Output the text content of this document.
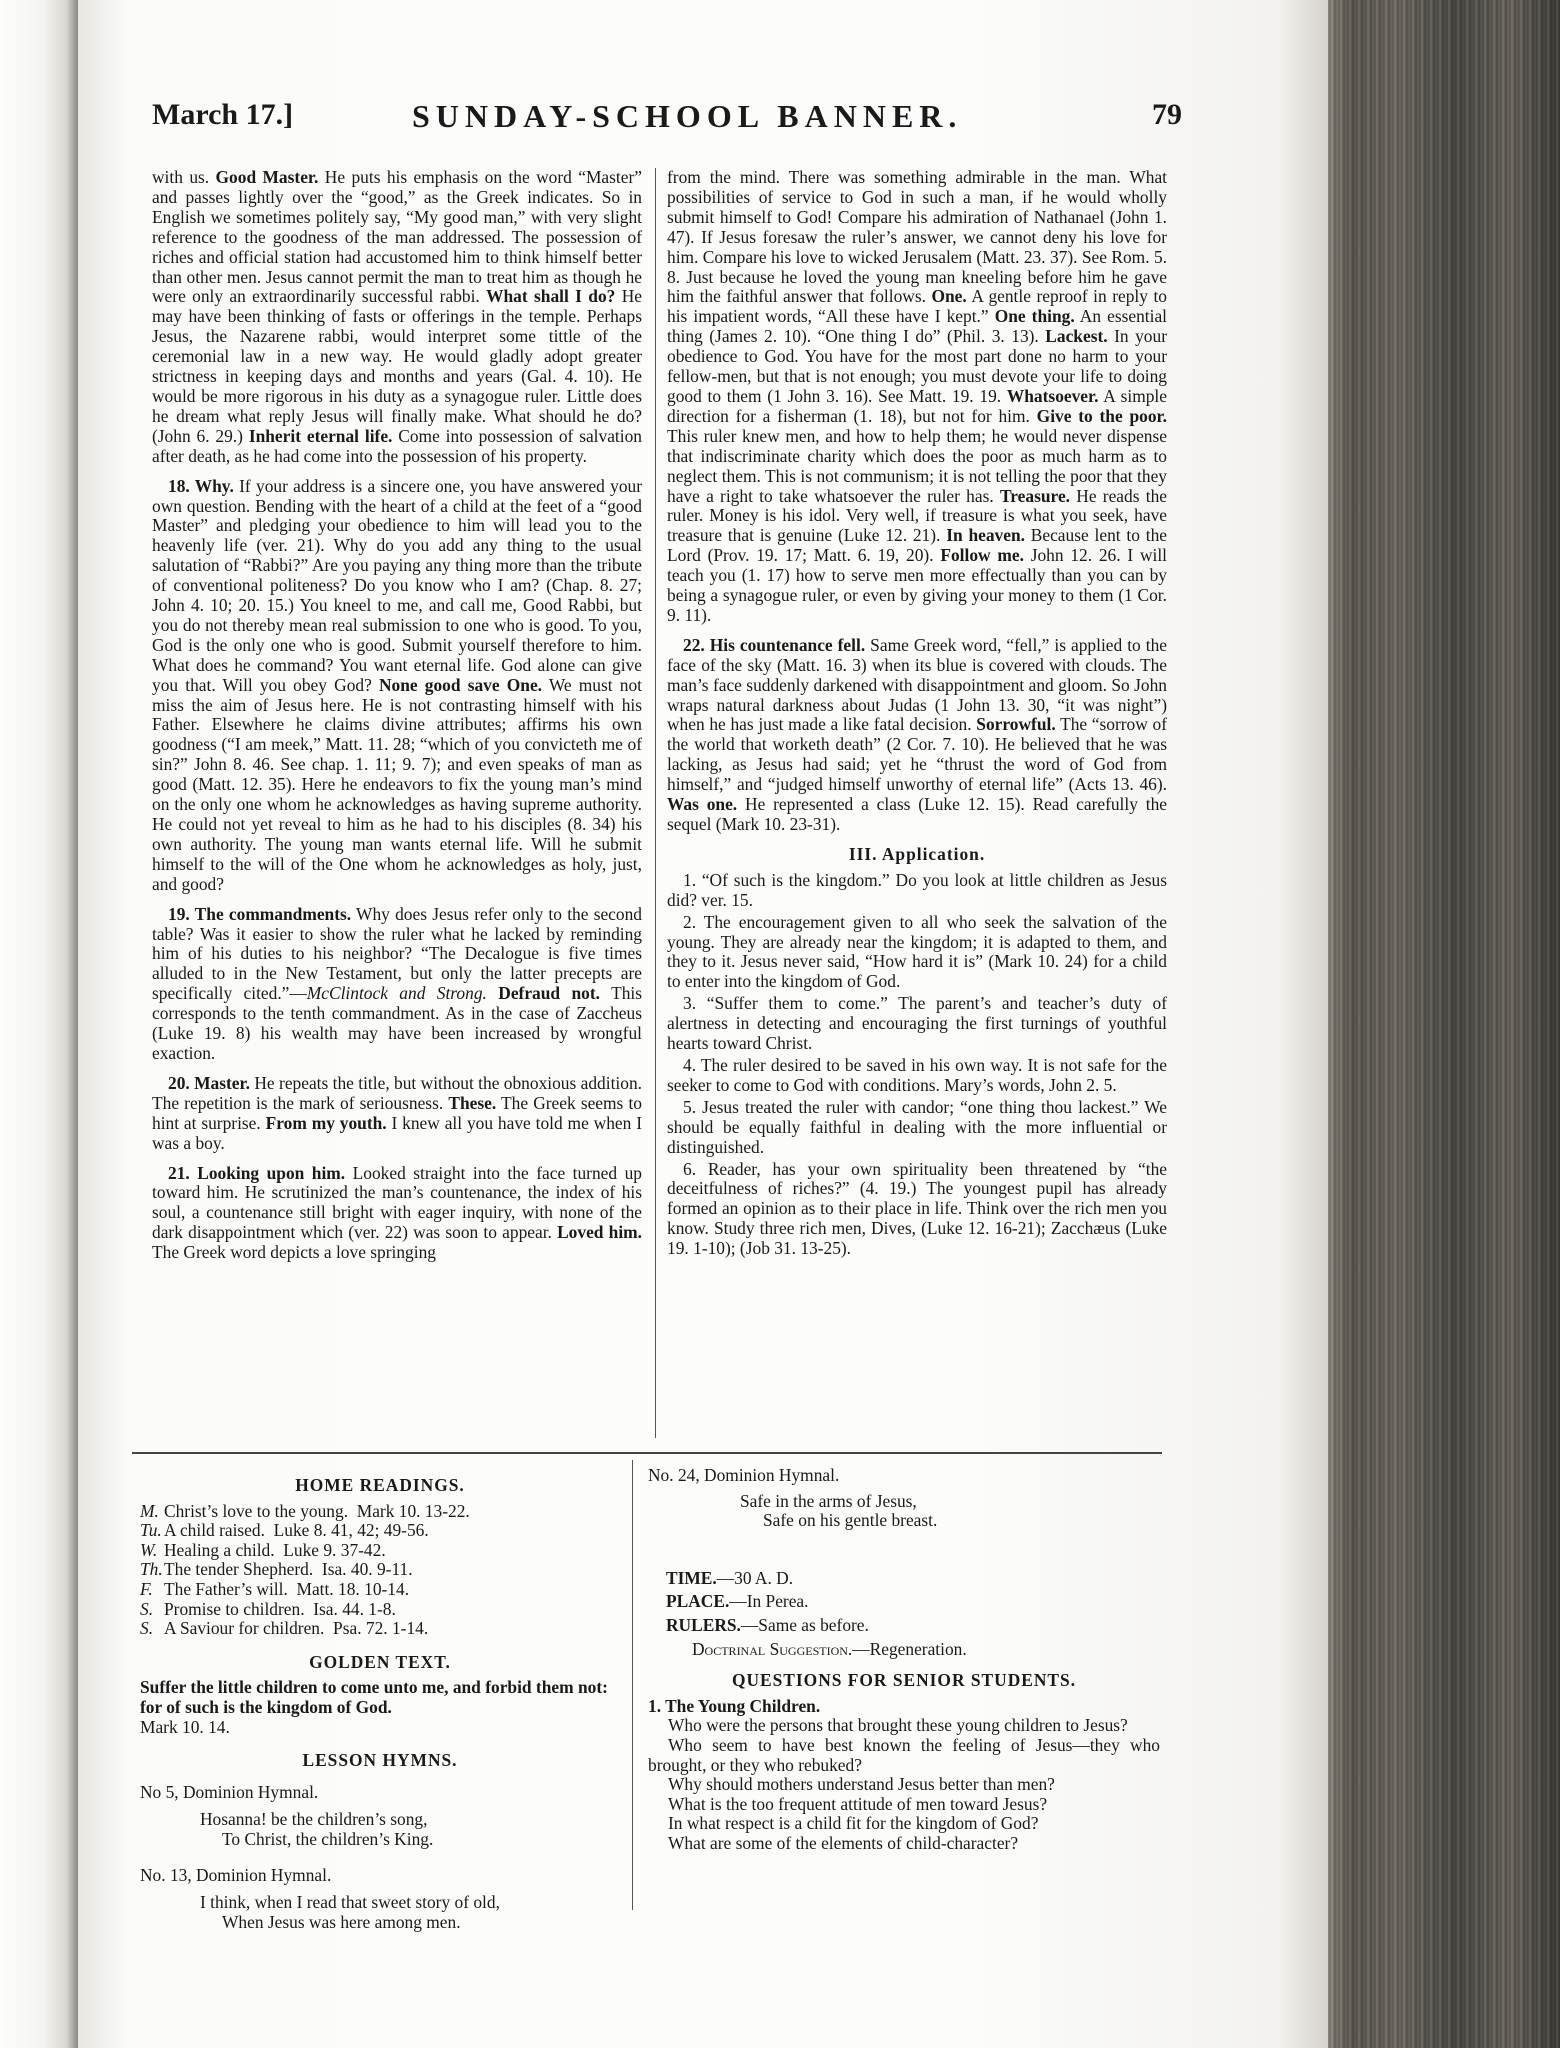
March 17.]	SUNDAY-SCHOOL BANNER.	79

with us. Good Master. He puts his emphasis on the word “Master” and passes lightly over the “good,” as the Greek indicates. So in English we sometimes politely say, “My good man,” with very slight reference to the goodness of the man addressed. The possession of riches and official station had accustomed him to think himself better than other men. Jesus cannot permit the man to treat him as though he were only an extraordinarily successful rabbi. What shall I do? He may have been thinking of fasts or offerings in the temple. Perhaps Jesus, the Nazarene rabbi, would interpret some tittle of the ceremonial law in a new way. He would gladly adopt greater strictness in keeping days and months and years (Gal. 4. 10). He would be more rigorous in his duty as a synagogue ruler. Little does he dream what reply Jesus will finally make. What should he do? (John 6. 29.) Inherit eternal life. Come into possession of salvation after death, as he had come into the possession of his property.

18. Why. If your address is a sincere one, you have answered your own question. Bending with the heart of a child at the feet of a “good Master” and pledging your obedience to him will lead you to the heavenly life (ver. 21). Why do you add any thing to the usual salutation of “Rabbi?” Are you paying any thing more than the tribute of conventional politeness? Do you know who I am? (Chap. 8. 27; John 4. 10; 20. 15.) You kneel to me, and call me, Good Rabbi, but you do not thereby mean real submission to one who is good. To you, God is the only one who is good. Submit yourself therefore to him. What does he command? You want eternal life. God alone can give you that. Will you obey God? None good save One. We must not miss the aim of Jesus here. He is not contrasting himself with his Father. Elsewhere he claims divine attributes; affirms his own goodness (“I am meek,” Matt. 11. 28; “which of you convicteth me of sin?” John 8. 46. See chap. 1. 11; 9. 7); and even speaks of man as good (Matt. 12. 35). Here he endeavors to fix the young man’s mind on the only one whom he acknowledges as having supreme authority. He could not yet reveal to him as he had to his disciples (8. 34) his own authority. The young man wants eternal life. Will he submit himself to the will of the One whom he acknowledges as holy, just, and good?

19. The commandments. Why does Jesus refer only to the second table? Was it easier to show the ruler what he lacked by reminding him of his duties to his neighbor? “The Decalogue is five times alluded to in the New Testament, but only the latter precepts are specifically cited.”—McClintock and Strong. Defraud not. This corresponds to the tenth commandment. As in the case of Zaccheus (Luke 19. 8) his wealth may have been increased by wrongful exaction.

20. Master. He repeats the title, but without the obnoxious addition. The repetition is the mark of seriousness. These. The Greek seems to hint at surprise. From my youth. I knew all you have told me when I was a boy.

21. Looking upon him. Looked straight into the face turned up toward him. He scrutinized the man’s countenance, the index of his soul, a countenance still bright with eager inquiry, with none of the dark disappointment which (ver. 22) was soon to appear. Loved him. The Greek word depicts a love springing

from the mind. There was something admirable in the man. What possibilities of service to God in such a man, if he would wholly submit himself to God! Compare his admiration of Nathanael (John 1. 47). If Jesus foresaw the ruler’s answer, we cannot deny his love for him. Compare his love to wicked Jerusalem (Matt. 23. 37). See Rom. 5. 8. Just because he loved the young man kneeling before him he gave him the faithful answer that follows. One. A gentle reproof in reply to his impatient words, “All these have I kept.” One thing. An essential thing (James 2. 10). “One thing I do” (Phil. 3. 13). Lackest. In your obedience to God. You have for the most part done no harm to your fellow-men, but that is not enough; you must devote your life to doing good to them (1 John 3. 16). See Matt. 19. 19. Whatsoever. A simple direction for a fisherman (1. 18), but not for him. Give to the poor. This ruler knew men, and how to help them; he would never dispense that indiscriminate charity which does the poor as much harm as to neglect them. This is not communism; it is not telling the poor that they have a right to take whatsoever the ruler has. Treasure. He reads the ruler. Money is his idol. Very well, if treasure is what you seek, have treasure that is genuine (Luke 12. 21). In heaven. Because lent to the Lord (Prov. 19. 17; Matt. 6. 19, 20). Follow me. John 12. 26. I will teach you (1. 17) how to serve men more effectually than you can by being a synagogue ruler, or even by giving your money to them (1 Cor. 9. 11).

22. His countenance fell. Same Greek word, “fell,” is applied to the face of the sky (Matt. 16. 3) when its blue is covered with clouds. The man’s face suddenly darkened with disappointment and gloom. So John wraps natural darkness about Judas (1 John 13. 30, “it was night”) when he has just made a like fatal decision. Sorrowful. The “sorrow of the world that worketh death” (2 Cor. 7. 10). He believed that he was lacking, as Jesus had said; yet he “thrust the word of God from himself,” and “judged himself unworthy of eternal life” (Acts 13. 46). Was one. He represented a class (Luke 12. 15). Read carefully the sequel (Mark 10. 23-31).

III. Application.

1. “Of such is the kingdom.” Do you look at little children as Jesus did? ver. 15.

2. The encouragement given to all who seek the salvation of the young. They are already near the kingdom; it is adapted to them, and they to it. Jesus never said, “How hard it is” (Mark 10. 24) for a child to enter into the kingdom of God.

3. “Suffer them to come.” The parent’s and teacher’s duty of alertness in detecting and encouraging the first turnings of youthful hearts toward Christ.

4. The ruler desired to be saved in his own way. It is not safe for the seeker to come to God with conditions. Mary’s words, John 2. 5.

5. Jesus treated the ruler with candor; “one thing thou lackest.” We should be equally faithful in dealing with the more influential or distinguished.

6. Reader, has your own spirituality been threatened by “the deceitfulness of riches?” (4. 19.) The youngest pupil has already formed an opinion as to their place in life. Think over the rich men you know. Study three rich men, Dives, (Luke 12. 16-21); Zacchæus (Luke 19. 1-10); (Job 31. 13-25).

HOME READINGS.
M. Christ’s love to the young.  Mark 10. 13-22.
Tu. A child raised.  Luke 8. 41, 42; 49-56.
W. Healing a child.  Luke 9. 37-42.
Th. The tender Shepherd.  Isa. 40. 9-11.
F. The Father’s will.  Matt. 18. 10-14.
S. Promise to children.  Isa. 44. 1-8.
S. A Saviour for children.  Psa. 72. 1-14.
GOLDEN TEXT.
Suffer the little children to come unto me, and forbid them not: for of such is the kingdom of God.
Mark 10. 14.
LESSON HYMNS.
No 5, Dominion Hymnal.
Hosanna! be the children’s song,
To Christ, the children’s King.
No. 13, Dominion Hymnal.
I think, when I read that sweet story of old,
When Jesus was here among men.
No. 24, Dominion Hymnal.
Safe in the arms of Jesus,
Safe on his gentle breast.
TIME.—30 A. D.
PLACE.—In Perea.
RULERS.—Same as before.
Doctrinal Suggestion.—Regeneration.
QUESTIONS FOR SENIOR STUDENTS.
1. The Young Children.

Who were the persons that brought these young children to Jesus?

Who seem to have best known the feeling of Jesus—they who brought, or they who rebuked?

Why should mothers understand Jesus better than men?

What is the too frequent attitude of men toward Jesus?

In what respect is a child fit for the kingdom of God?

What are some of the elements of child-character?
